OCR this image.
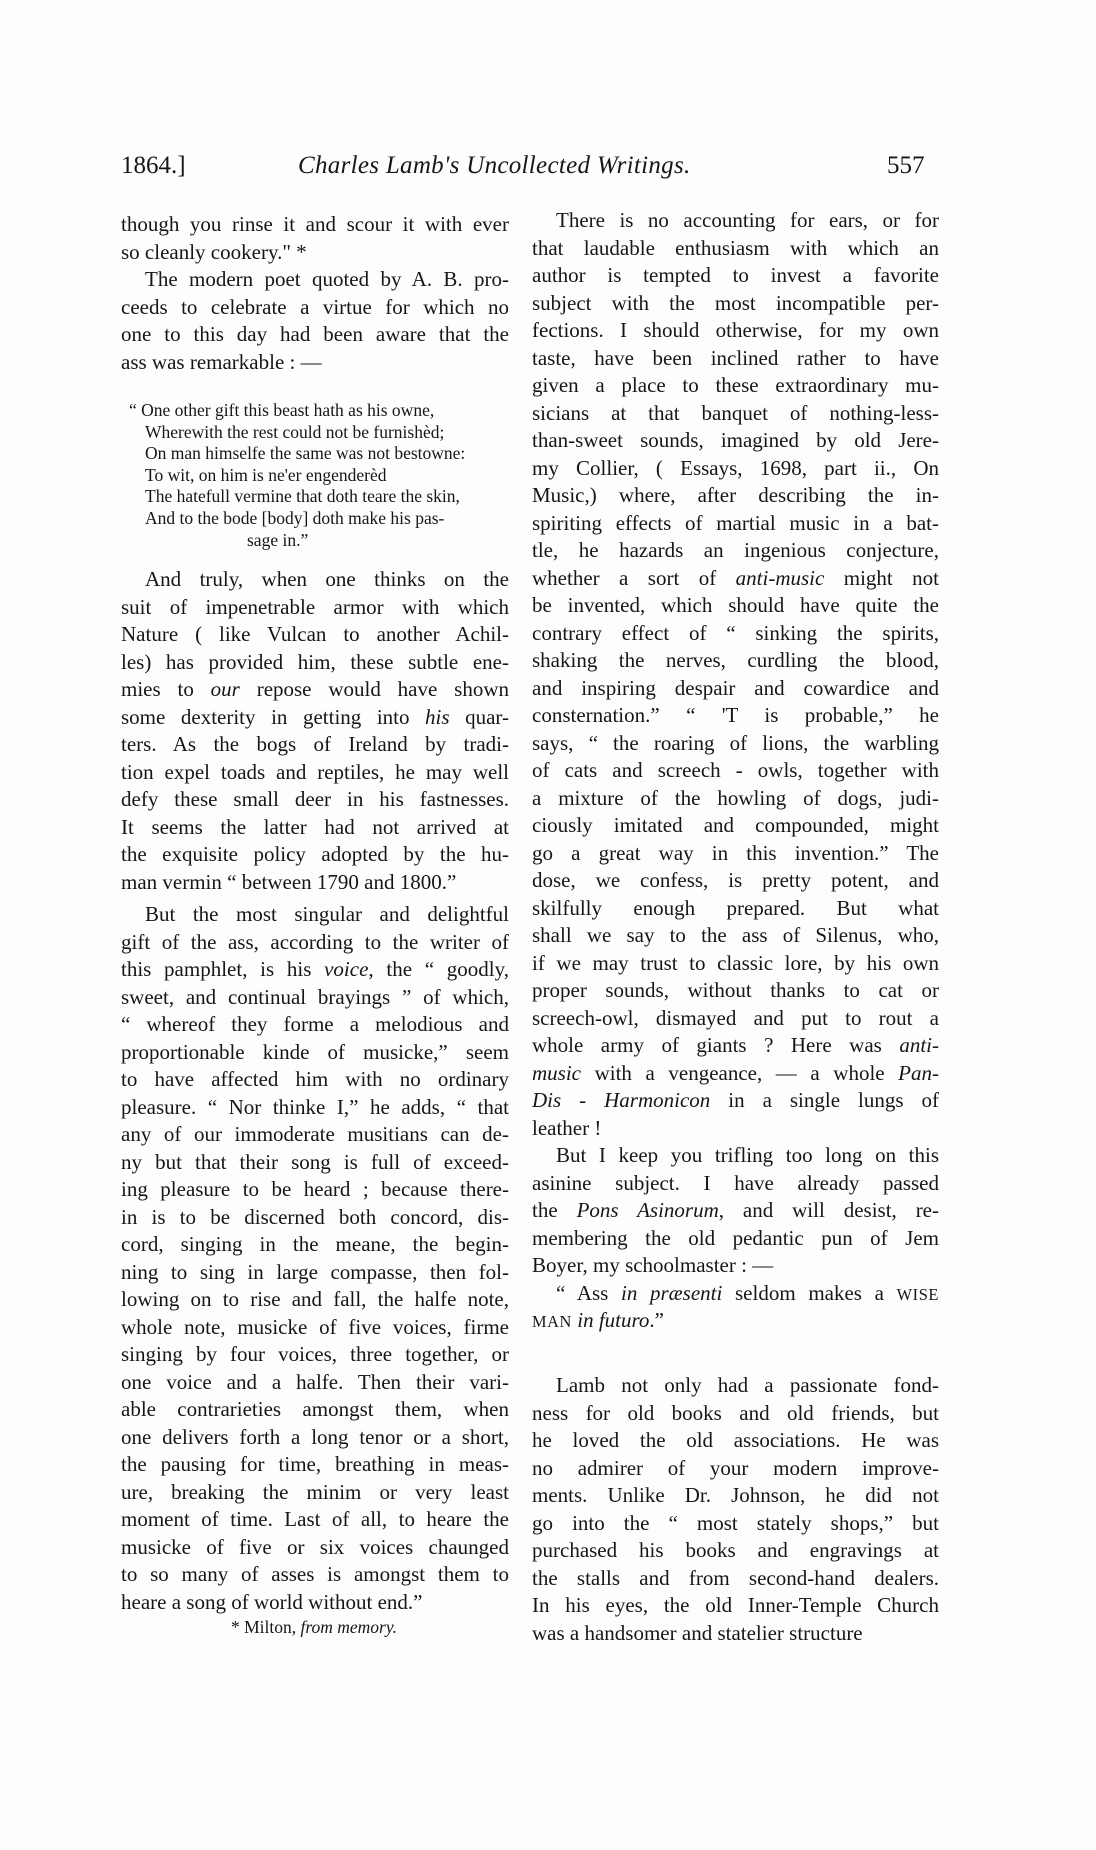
1864.]	Charles Lamb's Uncollected Writings.	557
though you rinse it and scour it with ever
so cleanly cookery." *
The modern poet quoted by A. B. pro-
ceeds to celebrate a virtue for which no
one to this day had been aware that the
ass was remarkable : —
“ One other gift this beast hath as his owne,
Wherewith the rest could not be furnishèd;
On man himselfe the same was not bestowne:
To wit, on him is ne'er engenderèd
The hatefull vermine that doth teare the skin,
And to the bode [body] doth make his pas-
sage in.”
And truly, when one thinks on the
suit of impenetrable armor with which
Nature ( like Vulcan to another Achil-
les) has provided him, these subtle ene-
mies to our repose would have shown
some dexterity in getting into his quar-
ters. As the bogs of Ireland by tradi-
tion expel toads and reptiles, he may well
defy these small deer in his fastnesses.
It seems the latter had not arrived at
the exquisite policy adopted by the hu-
man vermin “ between 1790 and 1800.”
But the most singular and delightful
gift of the ass, according to the writer of
this pamphlet, is his voice, the “ goodly,
sweet, and continual brayings ” of which,
“ whereof they forme a melodious and
proportionable kinde of musicke,” seem
to have affected him with no ordinary
pleasure. “ Nor thinke I,” he adds, “ that
any of our immoderate musitians can de-
ny but that their song is full of exceed-
ing pleasure to be heard ; because there-
in is to be discerned both concord, dis-
cord, singing in the meane, the begin-
ning to sing in large compasse, then fol-
lowing on to rise and fall, the halfe note,
whole note, musicke of five voices, firme
singing by four voices, three together, or
one voice and a halfe. Then their vari-
able contrarieties amongst them, when
one delivers forth a long tenor or a short,
the pausing for time, breathing in meas-
ure, breaking the minim or very least
moment of time. Last of all, to heare the
musicke of five or six voices chaunged
to so many of asses is amongst them to
heare a song of world without end.”
* Milton, from memory.
There is no accounting for ears, or for
that laudable enthusiasm with which an
author is tempted to invest a favorite
subject with the most incompatible per-
fections. I should otherwise, for my own
taste, have been inclined rather to have
given a place to these extraordinary mu-
sicians at that banquet of nothing-less-
than-sweet sounds, imagined by old Jere-
my Collier, ( Essays, 1698, part ii., On
Music,) where, after describing the in-
spiriting effects of martial music in a bat-
tle, he hazards an ingenious conjecture,
whether a sort of anti-music might not
be invented, which should have quite the
contrary effect of “ sinking the spirits,
shaking the nerves, curdling the blood,
and inspiring despair and cowardice and
consternation.” “ 'T is probable,” he
says, “ the roaring of lions, the warbling
of cats and screech - owls, together with
a mixture of the howling of dogs, judi-
ciously imitated and compounded, might
go a great way in this invention.” The
dose, we confess, is pretty potent, and
skilfully enough prepared. But what
shall we say to the ass of Silenus, who,
if we may trust to classic lore, by his own
proper sounds, without thanks to cat or
screech-owl, dismayed and put to rout a
whole army of giants ? Here was anti-
music with a vengeance, — a whole Pan-
Dis - Harmonicon in a single lungs of
leather !
But I keep you trifling too long on this
asinine subject. I have already passed
the Pons Asinorum, and will desist, re-
membering the old pedantic pun of Jem
Boyer, my schoolmaster : —
“ Ass in præsenti seldom makes a WISE
MAN in futuro.”
Lamb not only had a passionate fond-
ness for old books and old friends, but
he loved the old associations. He was
no admirer of your modern improve-
ments. Unlike Dr. Johnson, he did not
go into the “ most stately shops,” but
purchased his books and engravings at
the stalls and from second-hand dealers.
In his eyes, the old Inner-Temple Church
was a handsomer and statelier structure
